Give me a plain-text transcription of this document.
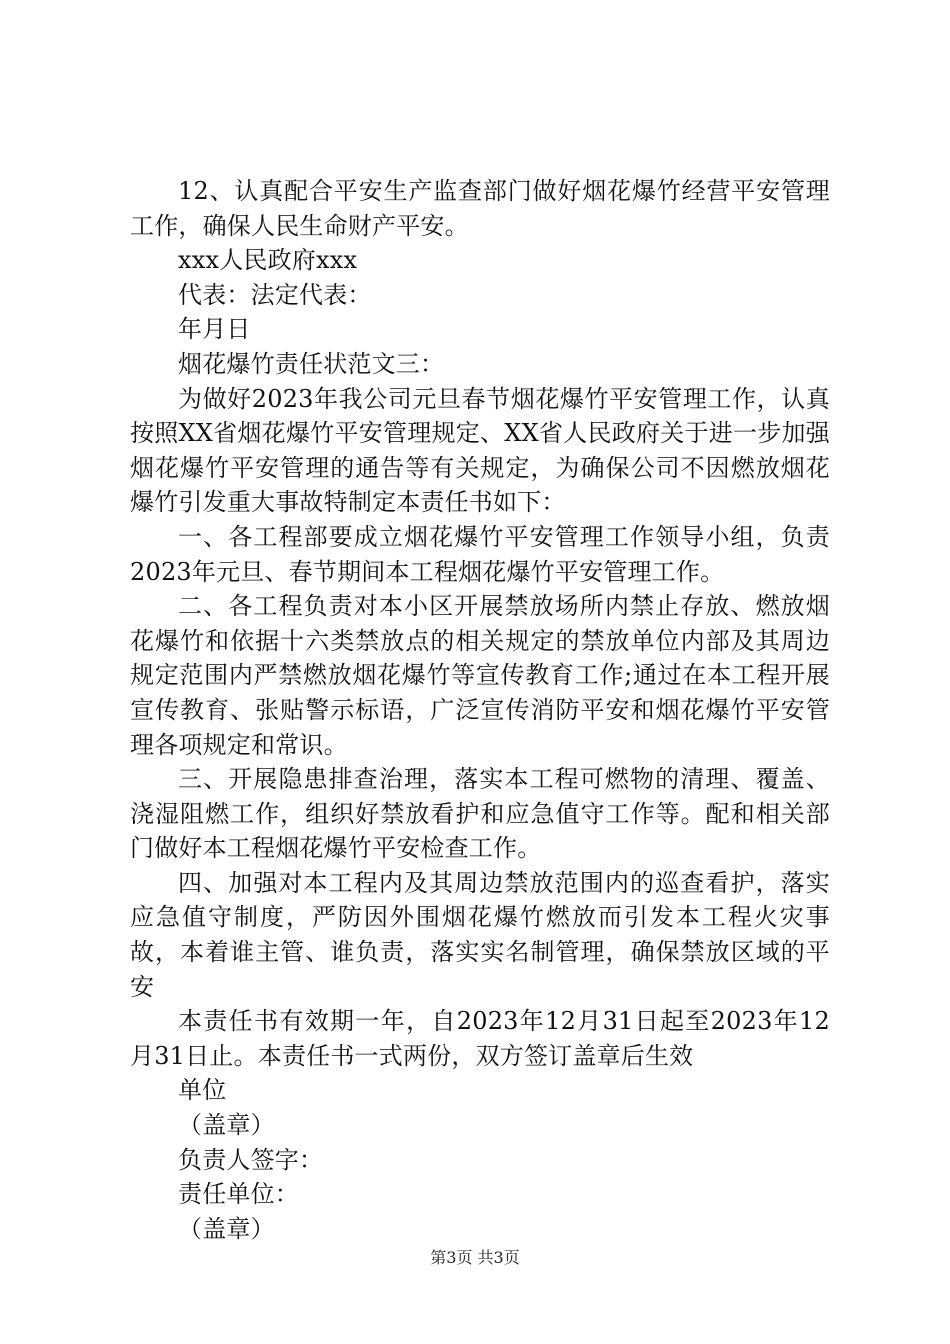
12、认真配合平安生产监查部门做好烟花爆竹经营平安管理工作，确保人民生命财产平安。

xxx人民政府xxx

代表：法定代表：

年月日

烟花爆竹责任状范文三：

为做好2023年我公司元旦春节烟花爆竹平安管理工作，认真按照XX省烟花爆竹平安管理规定、XX省人民政府关于进一步加强烟花爆竹平安管理的通告等有关规定，为确保公司不因燃放烟花爆竹引发重大事故特制定本责任书如下：

一、各工程部要成立烟花爆竹平安管理工作领导小组，负责2023年元旦、春节期间本工程烟花爆竹平安管理工作。

二、各工程负责对本小区开展禁放场所内禁止存放、燃放烟花爆竹和依据十六类禁放点的相关规定的禁放单位内部及其周边规定范围内严禁燃放烟花爆竹等宣传教育工作;通过在本工程开展宣传教育、张贴警示标语，广泛宣传消防平安和烟花爆竹平安管理各项规定和常识。

三、开展隐患排查治理，落实本工程可燃物的清理、覆盖、浇湿阻燃工作，组织好禁放看护和应急值守工作等。配和相关部门做好本工程烟花爆竹平安检查工作。

四、加强对本工程内及其周边禁放范围内的巡查看护，落实应急值守制度，严防因外围烟花爆竹燃放而引发本工程火灾事故，本着谁主管、谁负责，落实实名制管理，确保禁放区域的平安

本责任书有效期一年，自2023年12月31日起至2023年12月31日止。本责任书一式两份，双方签订盖章后生效

单位

（盖章）

负责人签字：

责任单位：

（盖章）

第3页 共3页
